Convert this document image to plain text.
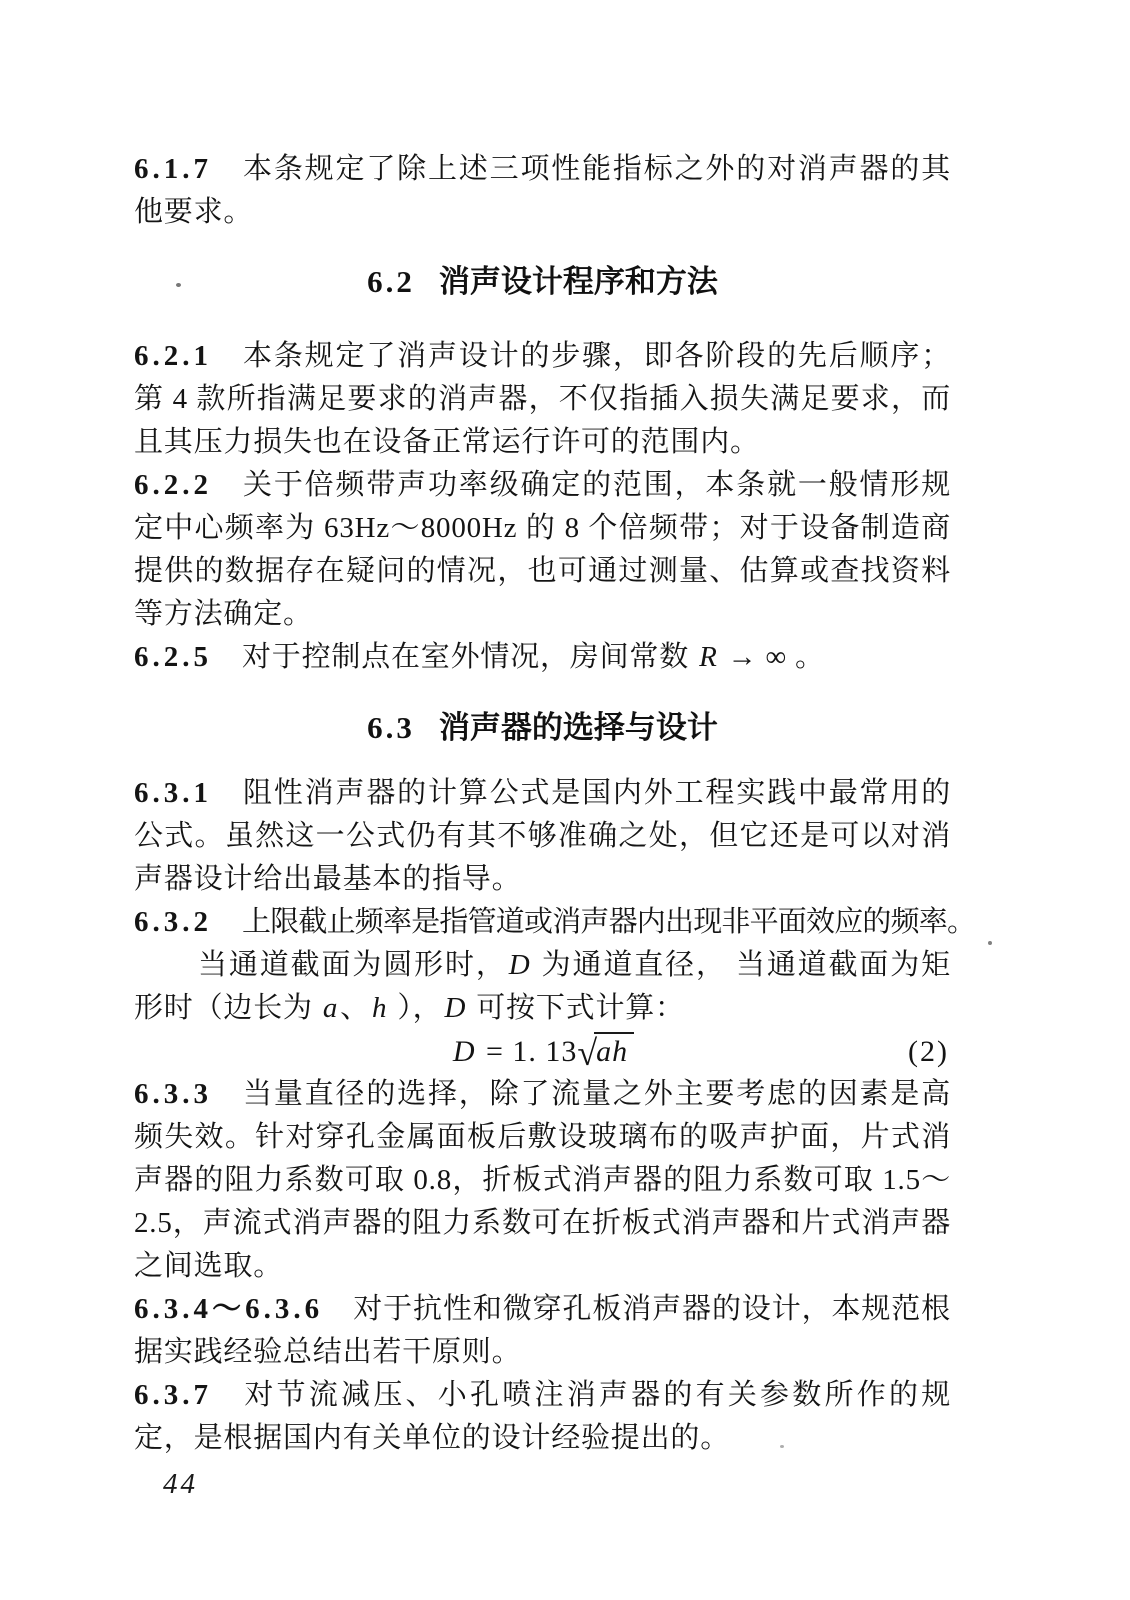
6.1.7 本条规定了除上述三项性能指标之外的对消声器的其他要求。

6.2 消声设计程序和方法

6.2.1 本条规定了消声设计的步骤，即各阶段的先后顺序；第 4 款所指满足要求的消声器，不仅指插入损失满足要求，而且其压力损失也在设备正常运行许可的范围内。

6.2.2 关于倍频带声功率级确定的范围，本条就一般情形规定中心频率为 63Hz～8000Hz 的 8 个倍频带；对于设备制造商提供的数据存在疑问的情况，也可通过测量、估算或查找资料等方法确定。

6.2.5 对于控制点在室外情况，房间常数 R → ∞ 。

6.3 消声器的选择与设计

6.3.1 阻性消声器的计算公式是国内外工程实践中最常用的公式。虽然这一公式仍有其不够准确之处，但它还是可以对消声器设计给出最基本的指导。

6.3.2 上限截止频率是指管道或消声器内出现非平面效应的频率。

当通道截面为圆形时，D 为通道直径， 当通道截面为矩形时（边长为 a、h ），D 可按下式计算：

D = 1. 13√ah	(2)

6.3.3 当量直径的选择，除了流量之外主要考虑的因素是高频失效。针对穿孔金属面板后敷设玻璃布的吸声护面，片式消声器的阻力系数可取 0.8，折板式消声器的阻力系数可取 1.5～2.5，声流式消声器的阻力系数可在折板式消声器和片式消声器之间选取。

6.3.4～6.3.6 对于抗性和微穿孔板消声器的设计，本规范根据实践经验总结出若干原则。

6.3.7 对节流减压、小孔喷注消声器的有关参数所作的规定，是根据国内有关单位的设计经验提出的。

44
